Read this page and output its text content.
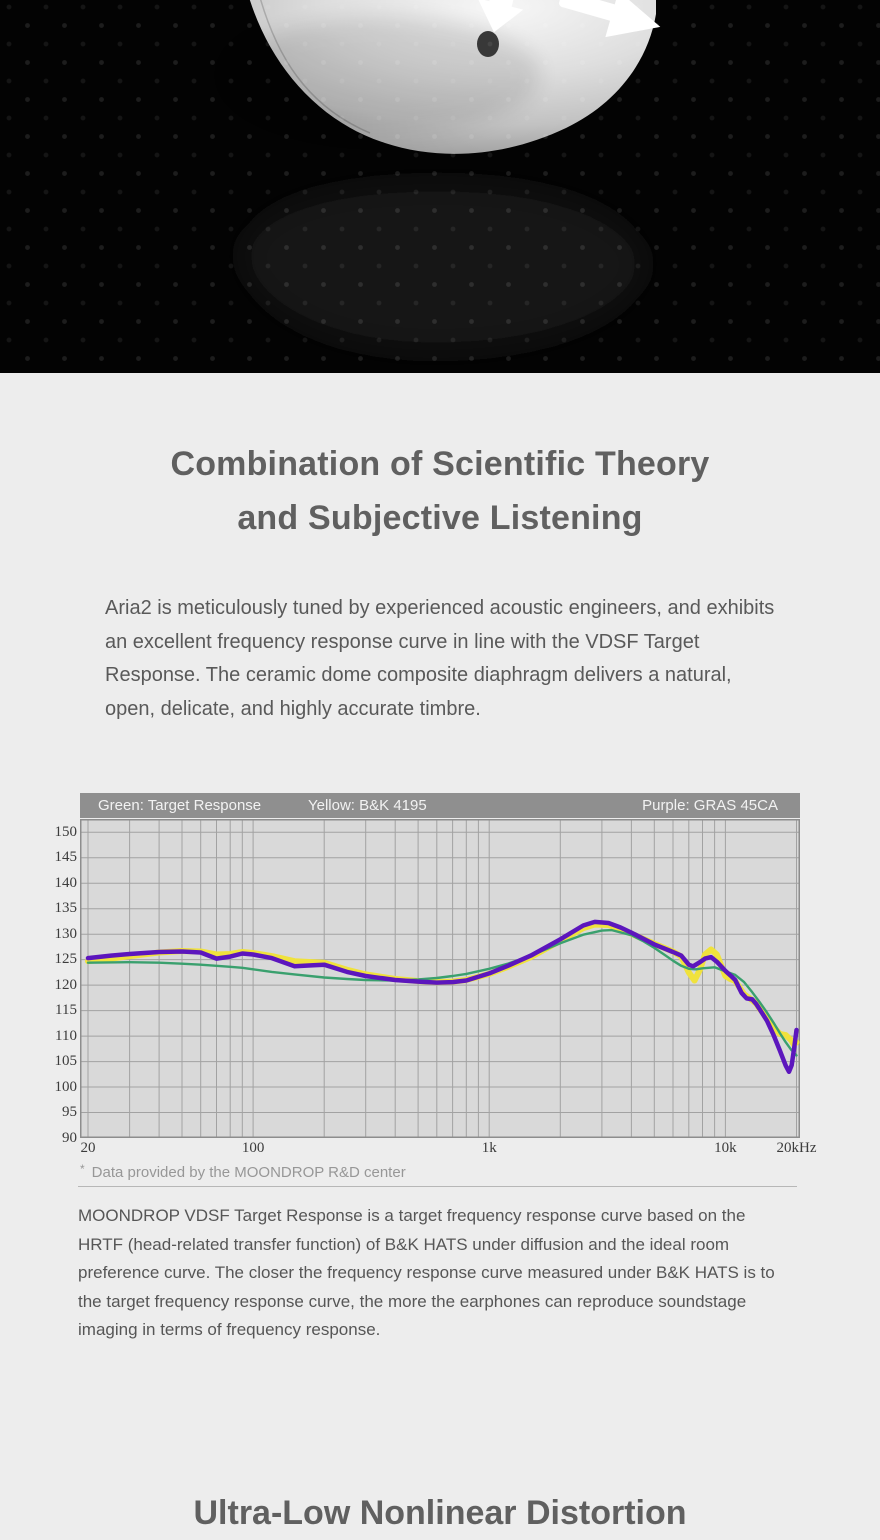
Combination of Scientific Theory
and Subjective Listening

Aria2 is meticulously tuned by experienced acoustic engineers, and exhibits an excellent frequency response curve in line with the VDSF Target Response. The ceramic dome composite diaphragm delivers a natural, open, delicate, and highly accurate timbre.

Green: Target Response	Yellow: B&K 4195	Purple: GRAS 45CA
150
145
140
135
130
125
120
115
110
105
100
95
90
20	100	1k	10k	20kHz
* Data provided by the MOONDROP R&D center

MOONDROP VDSF Target Response is a target frequency response curve based on the HRTF (head-related transfer function) of B&K HATS under diffusion and the ideal room preference curve. The closer the frequency response curve measured under B&K HATS is to the target frequency response curve, the more the earphones can reproduce soundstage imaging in terms of frequency response.

Ultra-Low Nonlinear Distortion
